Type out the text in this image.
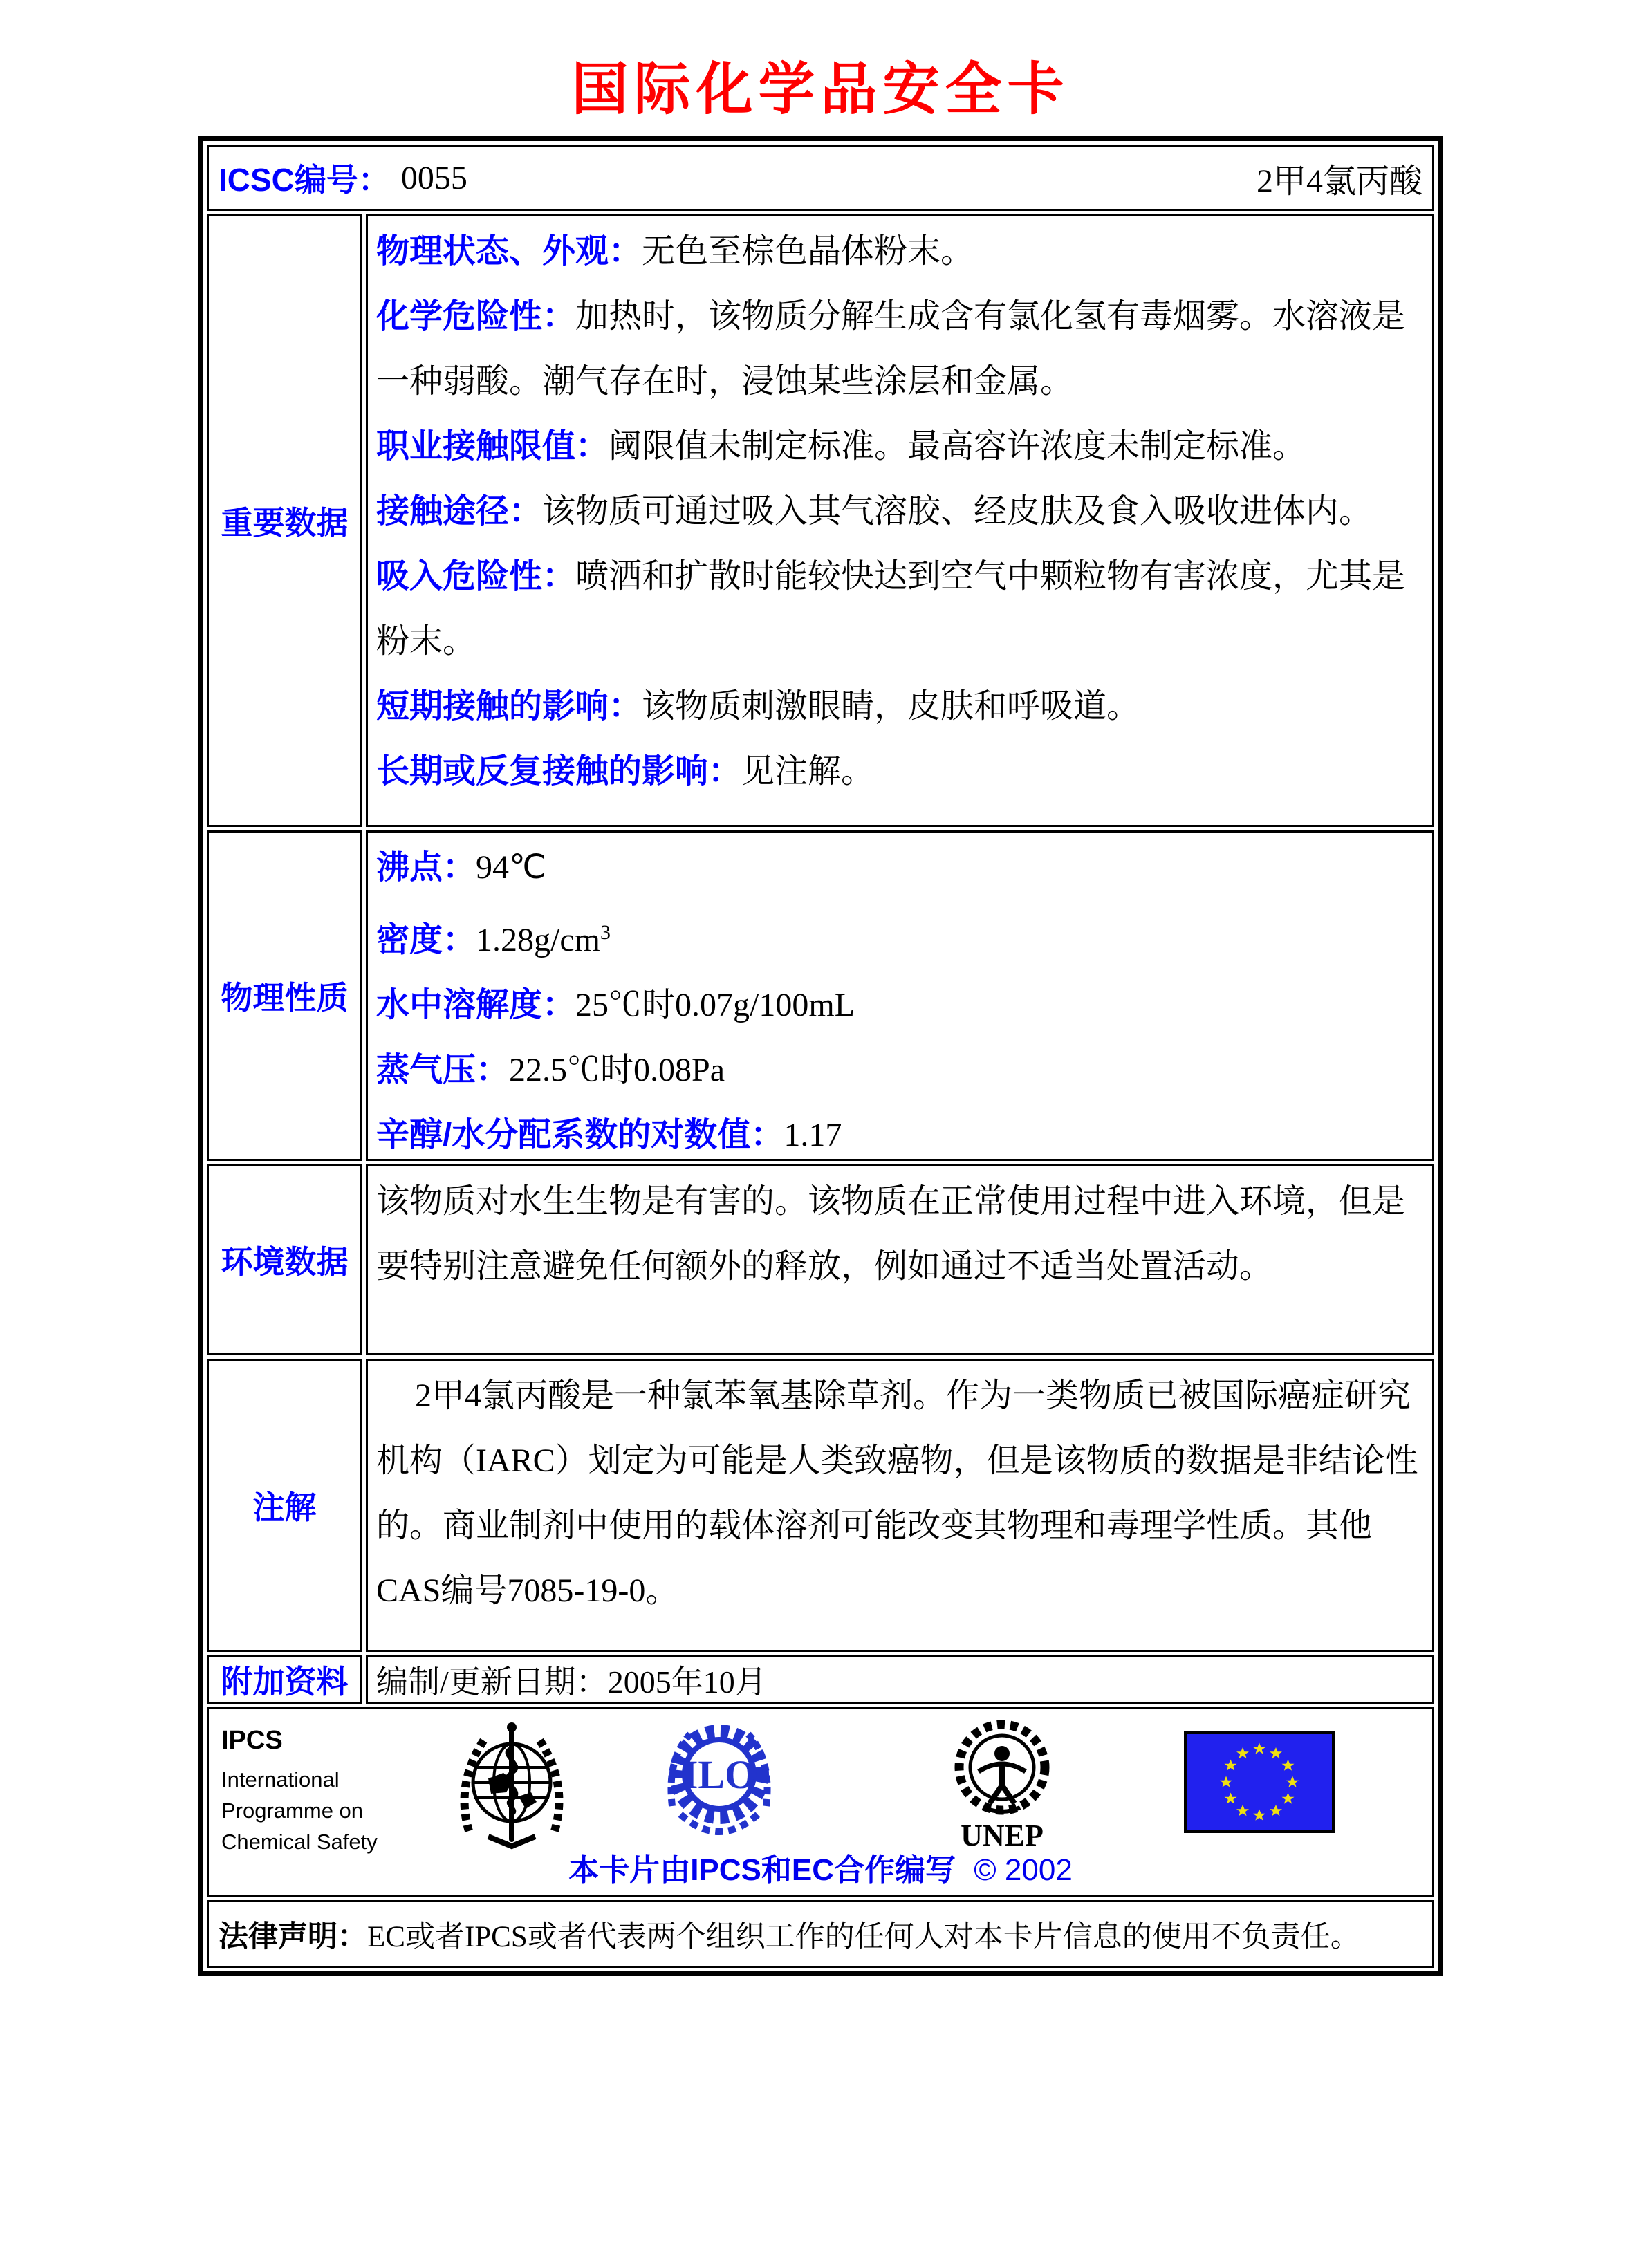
国际化学品安全卡
ICSC编号： 0055	2甲4氯丙酸
重要数据

物理状态、外观：无色至棕色晶体粉末。

化学危险性：加热时，该物质分解生成含有氯化氢有毒烟雾。水溶液是一种弱酸。潮气存在时，浸蚀某些涂层和金属。

职业接触限值：阈限值未制定标准。最高容许浓度未制定标准。

接触途径：该物质可通过吸入其气溶胶、经皮肤及食入吸收进体内。

吸入危险性：喷洒和扩散时能较快达到空气中颗粒物有害浓度，尤其是粉末。

短期接触的影响：该物质刺激眼睛，皮肤和呼吸道。

长期或反复接触的影响：见注解。

物理性质

沸点：94℃

密度：$1.28g/cm^3$

水中溶解度：25℃时0.07g/100mL

蒸气压：22.5℃时0.08Pa

辛醇/水分配系数的对数值：1.17

环境数据

该物质对水生生物是有害的。该物质在正常使用过程中进入环境，但是要特别注意避免任何额外的释放，例如通过不适当处置活动。

注解

2甲4氯丙酸是一种氯苯氧基除草剂。作为一类物质已被国际癌症研究机构（IARC）划定为可能是人类致癌物，但是该物质的数据是非结论性的。商业制剂中使用的载体溶剂可能改变其物理和毒理学性质。其他CAS编号7085-19-0。

附加资料 编制/更新日期： 2005年10月
IPCS
International
Programme on
Chemical Safety
ILO
UNEP
本卡片由IPCS和EC合作编写 © 2002
法律声明： EC或者IPCS或者代表两个组织工作的任何人对本卡片信息的使用不负责任。
